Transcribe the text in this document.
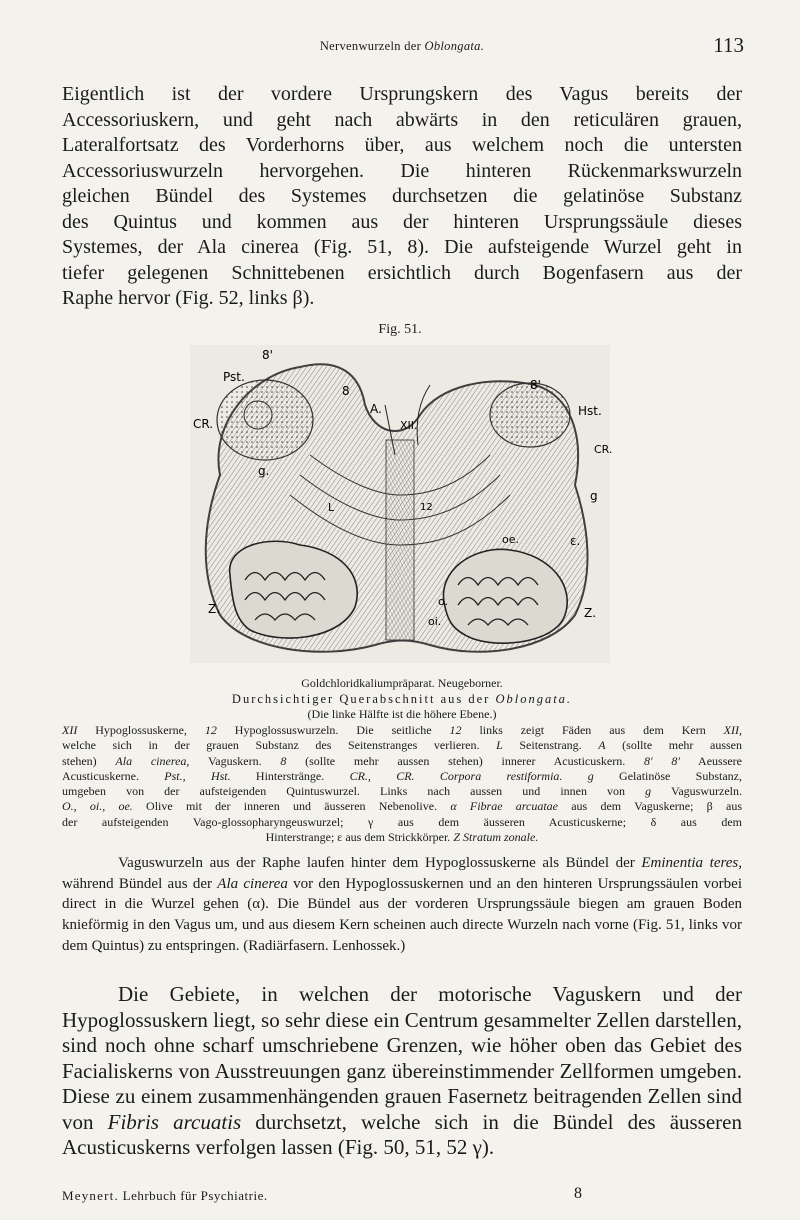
Nervenwurzeln der Oblongata.	113

Eigentlich ist der vordere Ursprungskern des Vagus bereits der

Accessoriuskern, und geht nach abwärts in den reticulären grauen,

Lateralfortsatz des Vorderhorns über, aus welchem noch die untersten

Accessoriuswurzeln hervorgehen. Die hinteren Rückenmarkswurzeln

gleichen Bündel des Systemes durchsetzen die gelatinöse Substanz

des Quintus und kommen aus der hinteren Ursprungssäule dieses

Systemes, der Ala cinerea (Fig. 51, 8). Die aufsteigende Wurzel geht in

tiefer gelegenen Schnittebenen ersichtlich durch Bogenfasern aus der

Raphe hervor (Fig. 52, links β).

Fig. 51.
Pst.
8'
8
A.
XII.
8'
Hst.
CR.
CR.
g.
g
L	12
oe.	ε.
Z.	Z.
o.
oi.
Goldchloridkaliumpräparat. Neugeborner.
Durchsichtiger Querabschnitt aus der Oblongata.
(Die linke Hälfte ist die höhere Ebene.)

XII Hypoglossuskerne, 12 Hypoglossuswurzeln. Die seitliche 12 links zeigt Fäden aus dem Kern XII,

welche sich in der grauen Substanz des Seitenstranges verlieren. L Seitenstrang. A (sollte mehr aussen

stehen) Ala cinerea, Vaguskern. 8 (sollte mehr aussen stehen) innerer Acusticuskern. 8' 8' Aeussere

Acusticuskerne. Pst., Hst. Hinterstränge. CR., CR. Corpora restiformia. g Gelatinöse Substanz,

umgeben von der aufsteigenden Quintuswurzel. Links nach aussen und innen von g Vaguswurzeln.

O., oi., oe. Olive mit der inneren und äusseren Nebenolive. α Fibrae arcuatae aus dem Vaguskerne; β aus

der aufsteigenden Vago-glossopharyngeuswurzel; γ aus dem äusseren Acusticuskerne; δ aus dem

Hinterstrange; ε aus dem Strickkörper. Z Stratum zonale.

Vaguswurzeln aus der Raphe laufen hinter dem Hypoglossuskerne als Bündel der Eminentia teres, während Bündel aus der Ala cinerea vor den Hypoglossuskernen und an den hinteren Ursprungssäulen vorbei direct in die Wurzel gehen (α). Die Bündel aus der vorderen Ursprungssäule biegen am grauen Boden knieförmig in den Vagus um, und aus diesem Kern scheinen auch directe Wurzeln nach vorne (Fig. 51, links vor dem Quintus) zu entspringen. (Radiärfasern. Lenhossek.)

Die Gebiete, in welchen der motorische Vaguskern und der Hypoglossuskern liegt, so sehr diese ein Centrum gesammelter Zellen darstellen, sind noch ohne scharf umschriebene Grenzen, wie höher oben das Gebiet des Facialiskerns von Ausstreuungen ganz übereinstimmender Zellformen umgeben. Diese zu einem zusammenhängenden grauen Fasernetz beitragenden Zellen sind von Fibris arcuatis durchsetzt, welche sich in die Bündel des äusseren Acusticuskerns verfolgen lassen (Fig. 50, 51, 52 γ).

Meynert. Lehrbuch für Psychiatrie.	8
